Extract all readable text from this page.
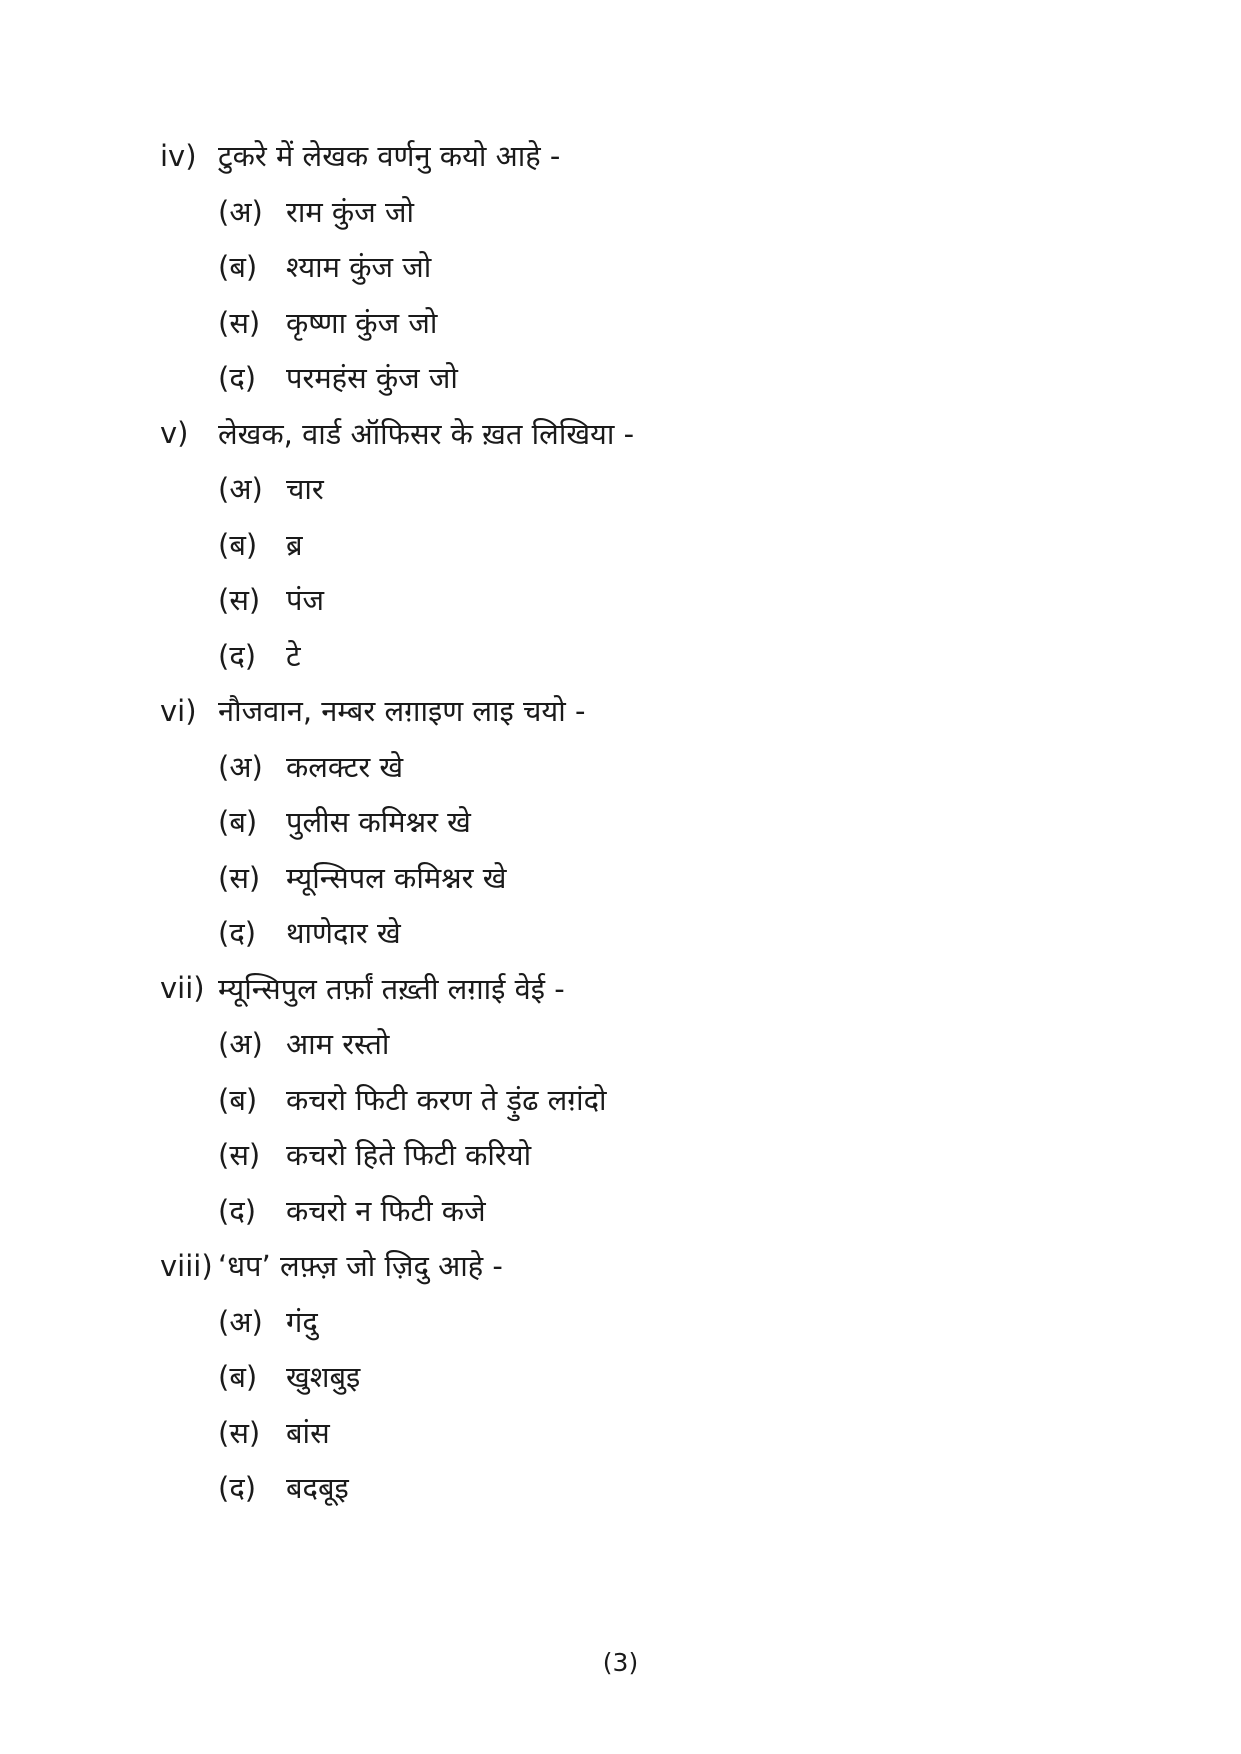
iv) टुकरे में लेखक वर्णनु कयो आहे -
(अ) राम कुंज जो
(ब) श्याम कुंज जो
(स) कृष्णा कुंज जो
(द)	परमहंस कुंज जो
v)	लेखक, वार्ड ऑफिसर के ख़त लिखिया -
(अ) चार
(ब) ब्र
(स) पंज
(द)	टे
vi) नौजवान, नम्बर लग़ाइण लाइ चयो -
(अ) कलक्टर खे
(ब) पुलीस कमिश्नर खे
(स) म्यून्सिपल कमिश्नर खे
(द)	थाणेदार खे
vii) म्यून्सिपुल तर्फ़ां तख़्ती लग़ाई वेई -
(अ) आम रस्तो
(ब) कचरो फिटी करण ते ड़ुंढ लग़ंदो
(स) कचरो हिते फिटी करियो
(द)	कचरो न फिटी कजे
viii) ‘धप’ लफ़्ज़ जो ज़िदु आहे -
(अ) गंदु
(ब) खुशबुइ
(स) बांस
(द)	बदबूइ
(3)
